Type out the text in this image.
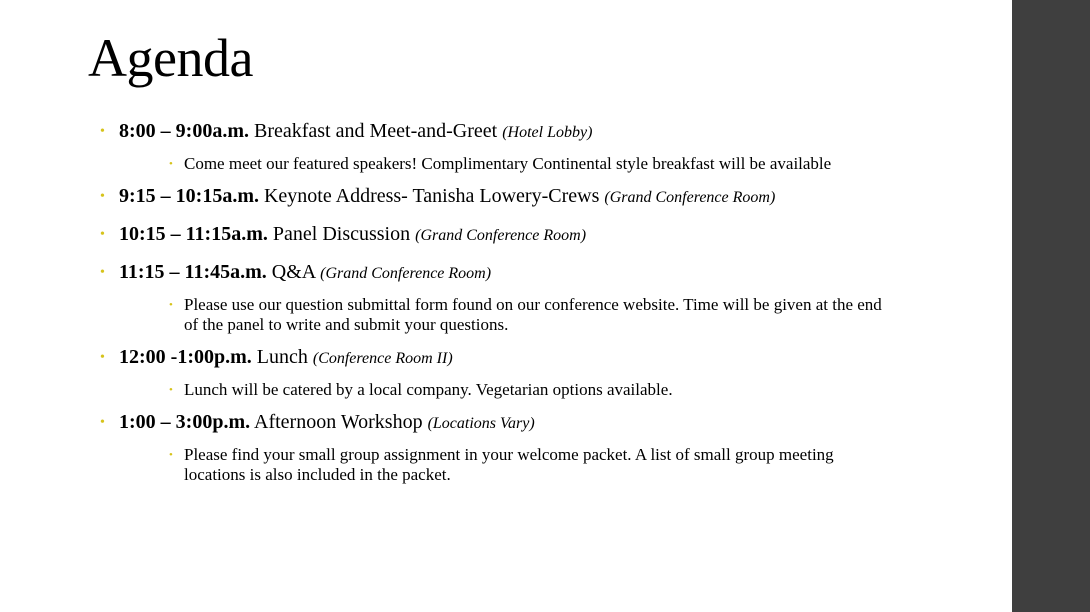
Agenda
• 8:00 – 9:00a.m. Breakfast and Meet-and-Greet (Hotel Lobby)
• Come meet our featured speakers! Complimentary Continental style breakfast will be available
• 9:15 – 10:15a.m. Keynote Address- Tanisha Lowery-Crews (Grand Conference Room)
• 10:15 – 11:15a.m. Panel Discussion (Grand Conference Room)
• 11:15 – 11:45a.m. Q&A (Grand Conference Room)
• Please use our question submittal form found on our conference website. Time will be given at the end of the panel to write and submit your questions.
• 12:00 -1:00p.m. Lunch (Conference Room II)
• Lunch will be catered by a local company. Vegetarian options available.
• 1:00 – 3:00p.m. Afternoon Workshop (Locations Vary)
• Please find your small group assignment in your welcome packet. A list of small group meeting locations is also included in the packet.
